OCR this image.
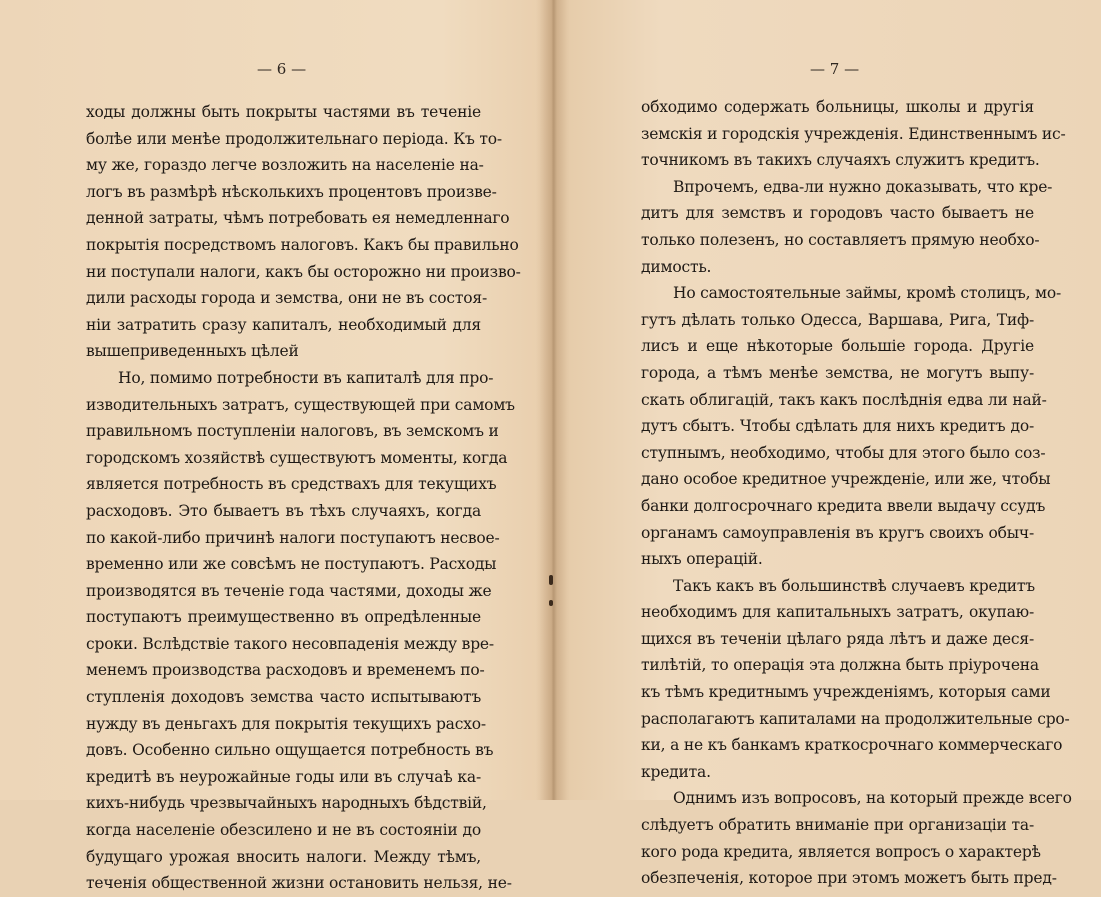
— 6 —
ходы должны быть покрыты частями въ теченіе
болѣе или менѣе продолжительнаго періода. Къ то-
му же, гораздо легче возложить на населеніе на-
логъ въ размѣрѣ нѣсколькихъ процентовъ произве-
денной затраты, чѣмъ потребовать ея немедленнаго
покрытія посредствомъ налоговъ. Какъ бы правильно
ни поступали налоги, какъ бы осторожно ни произво-
дили расходы города и земства, они не въ состоя-
ніи затратить сразу капиталъ, необходимый для
вышеприведенныхъ цѣлей
Но, помимо потребности въ капиталѣ для про-
изводительныхъ затратъ, существующей при самомъ
правильномъ поступленіи налоговъ, въ земскомъ и
городскомъ хозяйствѣ существуютъ моменты, когда
является потребность въ средствахъ для текущихъ
расходовъ. Это бываетъ въ тѣхъ случаяхъ, когда
по какой-либо причинѣ налоги поступаютъ несвое-
временно или же совсѣмъ не поступаютъ. Расходы
производятся въ теченіе года частями, доходы же
поступаютъ преимущественно въ опредѣленные
сроки. Вслѣдствіе такого несовпаденія между вре-
менемъ производства расходовъ и временемъ по-
ступленія доходовъ земства часто испытываютъ
нужду въ деньгахъ для покрытія текущихъ расхо-
довъ. Особенно сильно ощущается потребность въ
кредитѣ въ неурожайные годы или въ случаѣ ка-
кихъ-нибудь чрезвычайныхъ народныхъ бѣдствій,
когда населеніе обезсилено и не въ состояніи до
будущаго урожая вносить налоги. Между тѣмъ,
теченія общественной жизни остановить нельзя, не-
— 7 —
обходимо содержать больницы, школы и другія
земскія и городскія учрежденія. Единственнымъ ис-
точникомъ въ такихъ случаяхъ служитъ кредитъ.
Впрочемъ, едва-ли нужно доказывать, что кре-
дитъ для земствъ и городовъ часто бываетъ не
только полезенъ, но составляетъ прямую необхо-
димость.
Но самостоятельные займы, кромѣ столицъ, мо-
гутъ дѣлать только Одесса, Варшава, Рига, Тиф-
лисъ и еще нѣкоторые большіе города. Другіе
города, а тѣмъ менѣе земства, не могутъ выпу-
скать облигацій, такъ какъ послѣднія едва ли най-
дутъ сбытъ. Чтобы сдѣлать для нихъ кредитъ до-
ступнымъ, необходимо, чтобы для этого было соз-
дано особое кредитное учрежденіе, или же, чтобы
банки долгосрочнаго кредита ввели выдачу ссудъ
органамъ самоуправленія въ кругъ своихъ обыч-
ныхъ операцій.
Такъ какъ въ большинствѣ случаевъ кредитъ
необходимъ для капитальныхъ затратъ, окупаю-
щихся въ теченіи цѣлаго ряда лѣтъ и даже деся-
тилѣтій, то операція эта должна быть пріурочена
къ тѣмъ кредитнымъ учрежденіямъ, которыя сами
располагаютъ капиталами на продолжительные сро-
ки, а не къ банкамъ краткосрочнаго коммерческаго
кредита.
Однимъ изъ вопросовъ, на который прежде всего
слѣдуетъ обратить вниманіе при организаціи та-
кого рода кредита, является вопросъ о характерѣ
обезпеченія, которое при этомъ можетъ быть пред-
